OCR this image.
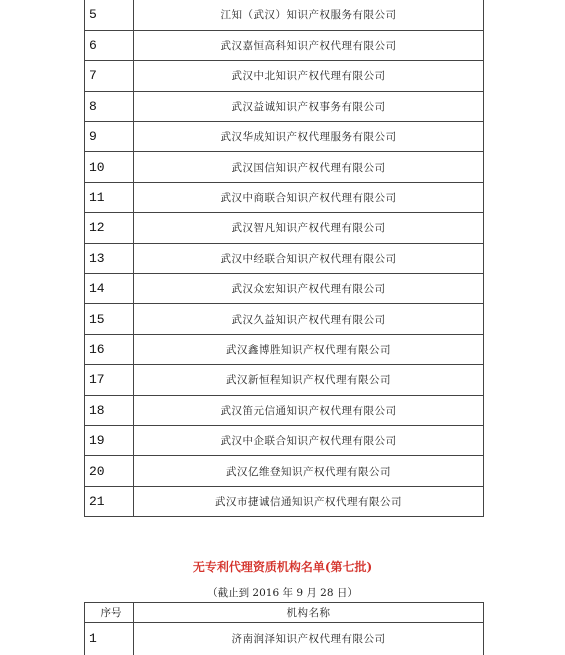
5	江知（武汉）知识产权服务有限公司
6	武汉嘉恒高科知识产权代理有限公司
7	武汉中北知识产权代理有限公司
8	武汉益诚知识产权事务有限公司
9	武汉华成知识产权代理服务有限公司
10	武汉国信知识产权代理有限公司
11	武汉中商联合知识产权代理有限公司
12	武汉智凡知识产权代理有限公司
13	武汉中经联合知识产权代理有限公司
14	武汉众宏知识产权代理有限公司
15	武汉久益知识产权代理有限公司
16	武汉鑫博胜知识产权代理有限公司
17	武汉新恒程知识产权代理有限公司
18	武汉笛元信通知识产权代理有限公司
19	武汉中企联合知识产权代理有限公司
20	武汉亿维登知识产权代理有限公司
21	武汉市捷诚信通知识产权代理有限公司
无专利代理资质机构名单(第七批)
（截止到 2016 年 9 月 28 日）
序号	机构名称
1	济南润泽知识产权代理有限公司
